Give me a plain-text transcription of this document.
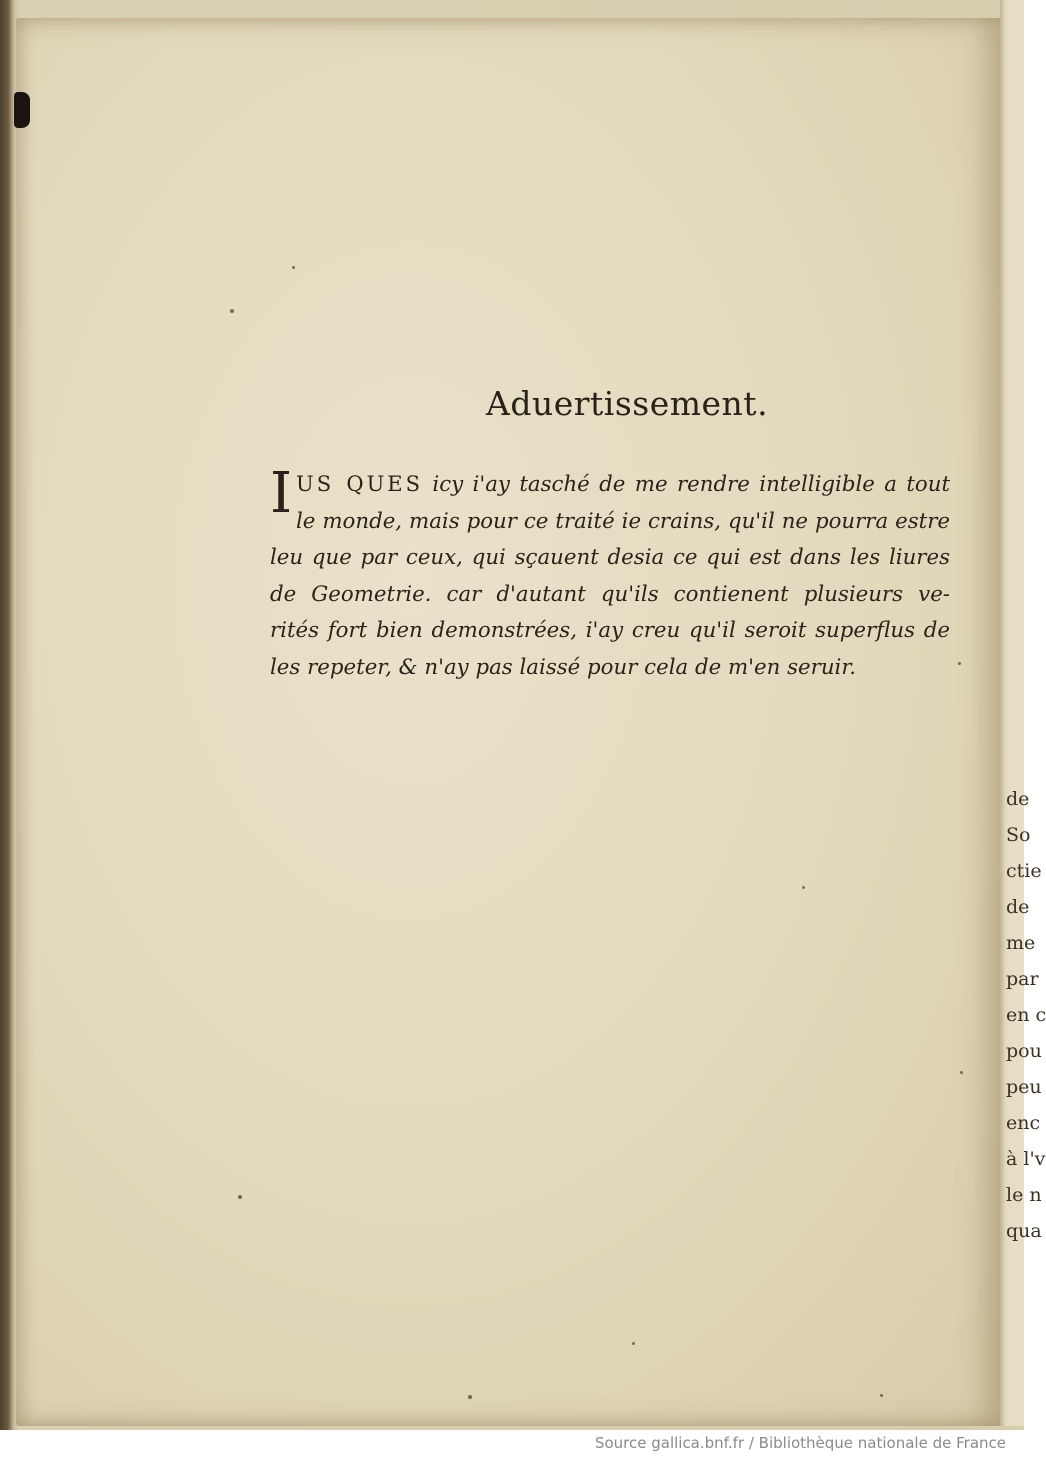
de
So
ctie
de
me
par
en c
pou
peu
enc
à l'v
le n
qua
Aduertissement.
I US QUES icy i'ay tasché de me rendre intelligible a tout
le monde, mais pour ce traité ie crains, qu'il ne pourra estre
leu que par ceux, qui sçauent desia ce qui est dans les liures
de Geometrie. car d'autant qu'ils contienent plusieurs ve-
rités fort bien demonstrées, i'ay creu qu'il seroit superflus de
les repeter, & n'ay pas laissé pour cela de m'en seruir.
Source gallica.bnf.fr / Bibliothèque nationale de France
